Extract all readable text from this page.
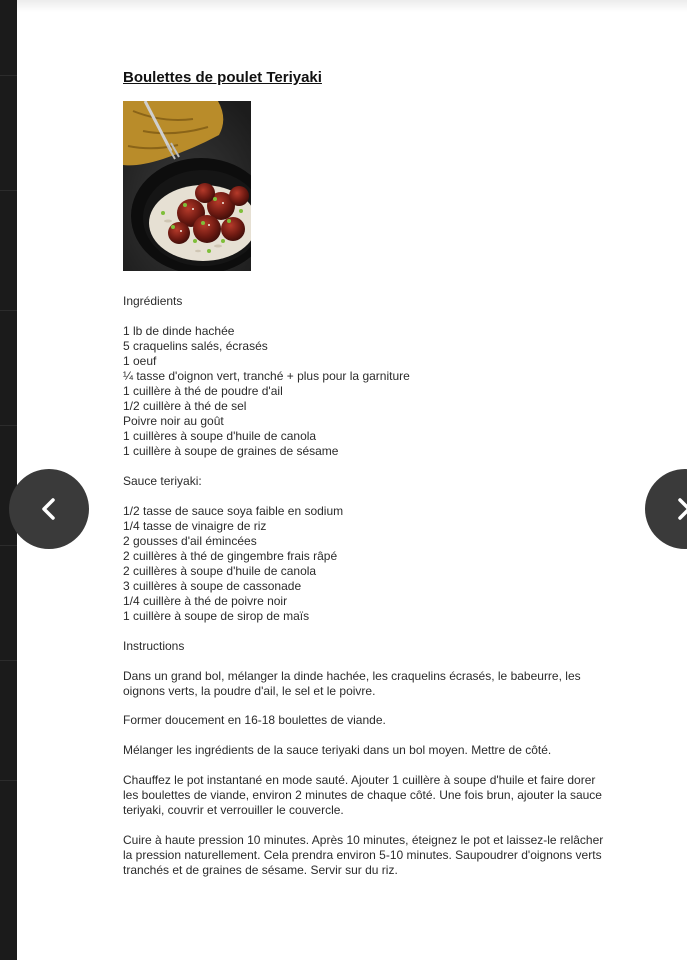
Boulettes de poulet Teriyaki

Ingrédients

1 lb de dinde hachée

5 craquelins salés, écrasés

1 oeuf

¼ tasse d'oignon vert, tranché + plus pour la garniture

1 cuillère à thé de poudre d'ail

1/2 cuillère à thé de sel

Poivre noir au goût

1 cuillères à soupe d'huile de canola

1 cuillère à soupe de graines de sésame

Sauce teriyaki:

1/2 tasse de sauce soya faible en sodium

1/4 tasse de vinaigre de riz

2 gousses d'ail émincées

2 cuillères à thé de gingembre frais râpé

2 cuillères à soupe d'huile de canola

3 cuillères à soupe de cassonade

1/4 cuillère à thé de poivre noir

1 cuillère à soupe de sirop de maïs

Instructions

Dans un grand bol, mélanger la dinde hachée, les craquelins écrasés, le babeurre, les oignons verts, la poudre d'ail, le sel et le poivre.

Former doucement en 16-18 boulettes de viande.

Mélanger les ingrédients de la sauce teriyaki dans un bol moyen. Mettre de côté.

Chauffez le pot instantané en mode sauté. Ajouter 1 cuillère à soupe d'huile et faire dorer les boulettes de viande, environ 2 minutes de chaque côté. Une fois brun, ajouter la sauce teriyaki, couvrir et verrouiller le couvercle.

Cuire à haute pression 10 minutes. Après 10 minutes, éteignez le pot et laissez-le relâcher la pression naturellement. Cela prendra environ 5-10 minutes. Saupoudrer d'oignons verts tranchés et de graines de sésame. Servir sur du riz.
